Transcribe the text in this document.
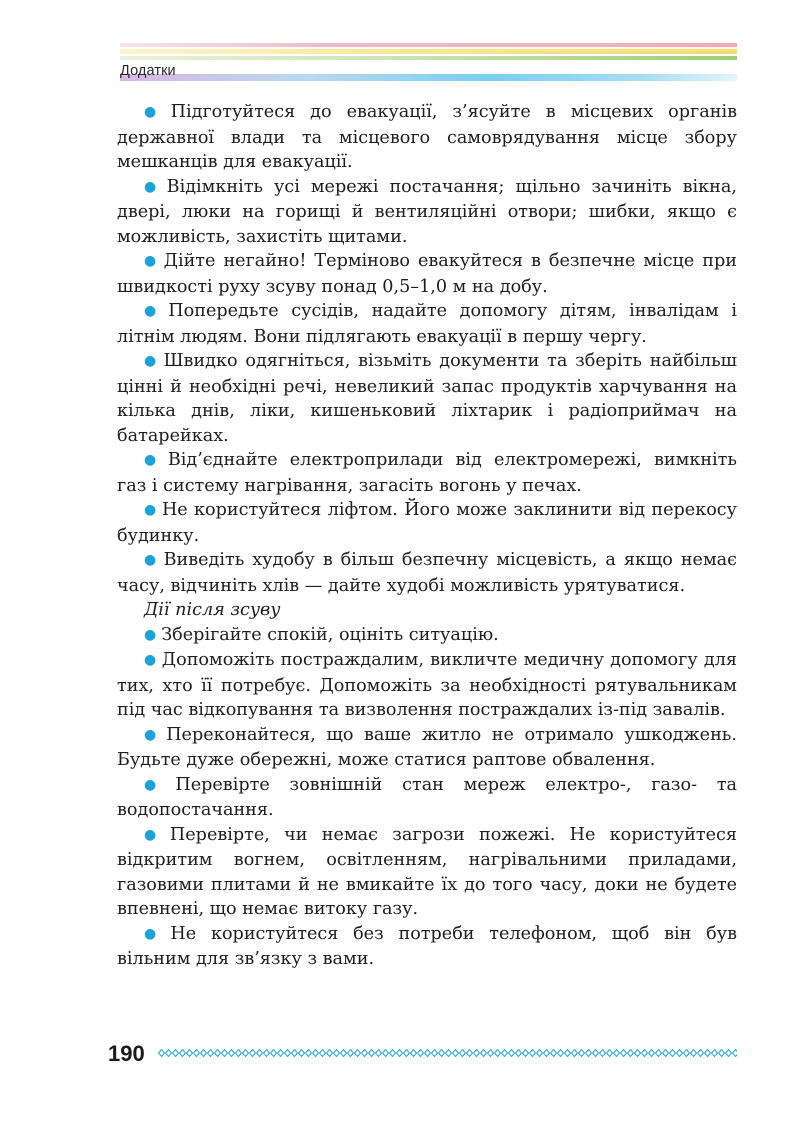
Додатки

● Підготуйтеся до евакуації, з’ясуйте в місцевих органів державної влади та місцевого самоврядування місце збору мешканців для евакуації.

● Відімкніть усі мережі постачання; щільно зачиніть вікна, двері, люки на горищі й вентиляційні отвори; шибки, якщо є можливість, захистіть щитами.

● Дійте негайно! Терміново евакуйтеся в безпечне місце при швидкості руху зсуву понад 0,5–1,0 м на добу.

● Попередьте сусідів, надайте допомогу дітям, інвалідам і літнім людям. Вони підлягають евакуації в першу чергу.

● Швидко одягніться, візьміть документи та зберіть найбільш цінні й необхідні речі, невеликий запас продуктів харчування на кілька днів, ліки, кишеньковий ліхтарик і радіоприймач на батарейках.

● Від’єднайте електроприлади від електромережі, вимкніть газ і систему нагрівання, загасіть вогонь у печах.

● Не користуйтеся ліфтом. Його може заклинити від перекосу будинку.

● Виведіть худобу в більш безпечну місцевість, а якщо немає часу, відчиніть хлів — дайте худобі можливість урятуватися.

Дії після зсуву

● Зберігайте спокій, оцініть ситуацію.

● Допоможіть постраждалим, викличте медичну допомогу для тих, хто її потребує. Допоможіть за необхідності рятувальникам під час відкопування та визволення постраждалих із-під завалів.

● Переконайтеся, що ваше житло не отримало ушкоджень. Будьте дуже обережні, може статися раптове обвалення.

● Перевірте зовнішній стан мереж електро-, газо- та водопостачання.

● Перевірте, чи немає загрози пожежі. Не користуйтеся відкритим вогнем, освітленням, нагрівальними приладами, газовими плитами й не вмикайте їх до того часу, доки не будете впевнені, що немає витоку газу.

● Не користуйтеся без потреби телефоном, щоб він був вільним для зв’язку з вами.

190
